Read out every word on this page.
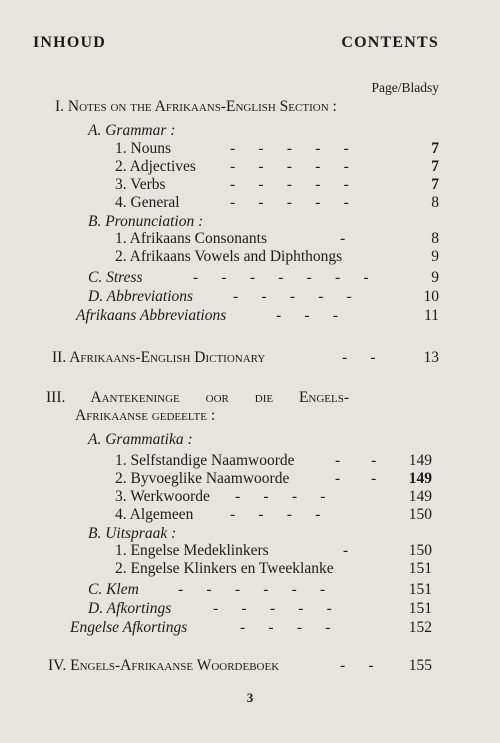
INHOUD	CONTENTS
Page/Bladsy
I. Notes on the Afrikaans-English Section :
A. Grammar :
1. Nouns	-      -      -      -      -	7
2. Adjectives -      -      -      -      -	7
3. Verbs	-      -      -      -      -	7
4. General	-      -      -      -      -	8
B. Pronunciation :
1. Afrikaans Consonants	-	8
2. Afrikaans Vowels and Diphthongs	9
C. Stress	-      -      -      -      -      -      -	9
D. Abbreviations	-      -      -      -      -	10
Afrikaans Abbreviations	-      -      -	11
II. Afrikaans-English Dictionary	-      -	13
III. Aantekeninge oor die Engels-
Afrikaanse gedeelte :
A. Grammatika :
1. Selfstandige Naamwoorde	-        - 149
2. Byvoeglike Naamwoorde	-        - 149
3. Werkwoorde -      -      -      -	149
4. Algemeen -      -      -      -	150
B. Uitspraak :
1. Engelse Medeklinkers	-	150
2. Engelse Klinkers en Tweeklanke	151
C. Klem	-      -      -      -      -      -	151
D. Afkortings	-      -      -      -      -	151
Engelse Afkortings	-      -      -      -	152
IV. Engels-Afrikaanse Woordeboek	-      - 155
3
